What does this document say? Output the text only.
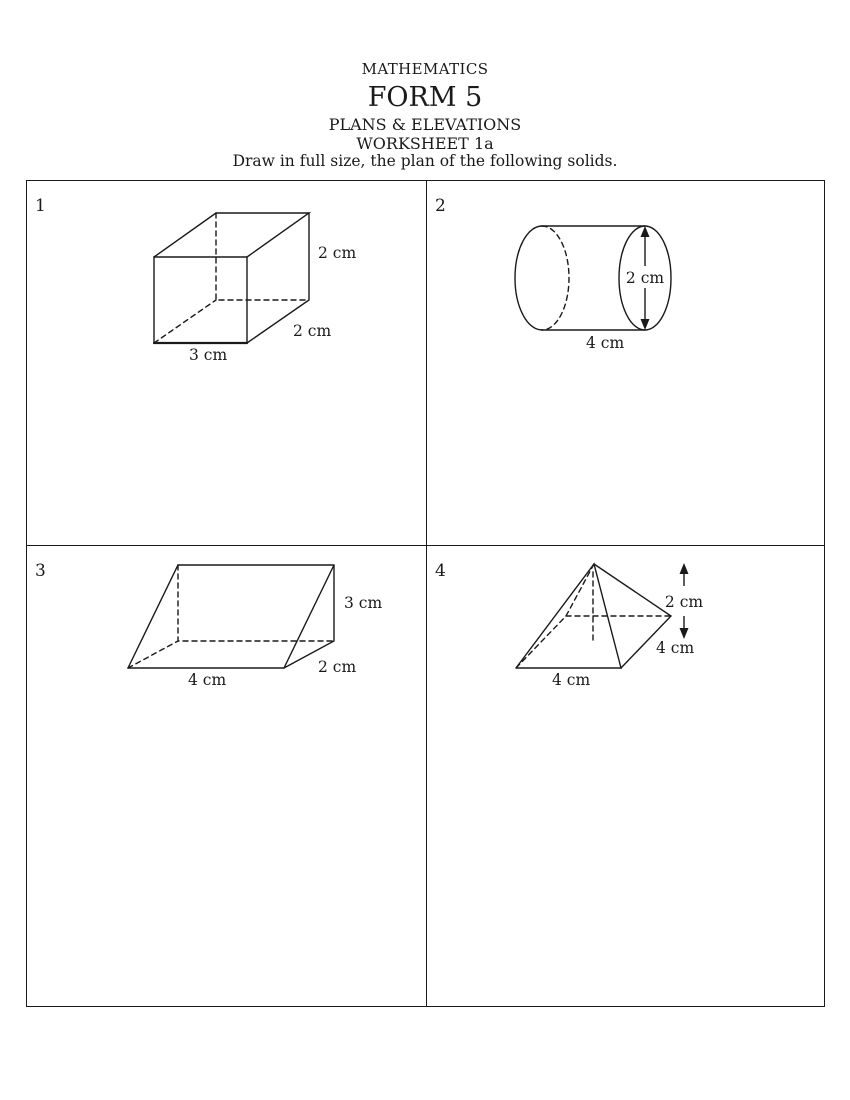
MATHEMATICS
FORM 5
PLANS & ELEVATIONS
WORKSHEET 1a
Draw in full size, the plan of the following solids.
1
2 cm
2 cm
3 cm
2
2 cm
4 cm
3
3 cm
2 cm
4 cm
4
2 cm
4 cm
4 cm
